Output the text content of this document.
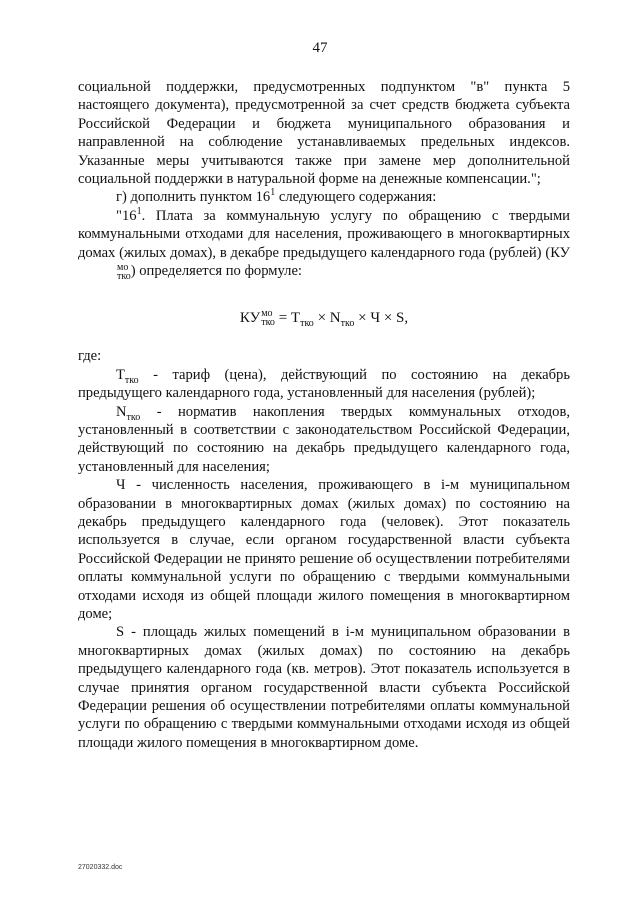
47

социальной поддержки, предусмотренных подпунктом "в" пункта 5 настоящего документа), предусмотренной за счет средств бюджета субъекта Российской Федерации и бюджета муниципального образования и направленной на соблюдение устанавливаемых предельных индексов. Указанные меры учитываются также при замене мер дополнительной социальной поддержки в натуральной форме на денежные компенсации.";

г) дополнить пунктом $16^1$ следующего содержания:

"$16^1$. Плата за коммунальную услугу по обращению с твердыми коммунальными отходами для населения, проживающего в многоквартирных домах (жилых домах), в декабре предыдущего календарного года (рублей) (КУ
мо
тко ) определяется по формуле:

КУ мо
тко = $Т_{тко} \times N_{тко} \times Ч \times S$,

где:

$Т_{тко}$ - тариф (цена), действующий по состоянию на декабрь предыдущего календарного года, установленный для населения (рублей);

$N_{тко}$ - норматив накопления твердых коммунальных отходов, установленный в соответствии с законодательством Российской Федерации, действующий по состоянию на декабрь предыдущего календарного года, установленный для населения;

Ч - численность населения, проживающего в i-м муниципальном образовании в многоквартирных домах (жилых домах) по состоянию на декабрь предыдущего календарного года (человек). Этот показатель используется в случае, если органом государственной власти субъекта Российской Федерации не принято решение об осуществлении потребителями оплаты коммунальной услуги по обращению с твердыми коммунальными отходами исходя из общей площади жилого помещения в многоквартирном доме;

S - площадь жилых помещений в i-м муниципальном образовании в многоквартирных домах (жилых домах) по состоянию на декабрь предыдущего календарного года (кв. метров). Этот показатель используется в случае принятия органом государственной власти субъекта Российской Федерации решения об осуществлении потребителями оплаты коммунальной услуги по обращению с твердыми коммунальными отходами исходя из общей площади жилого помещения в многоквартирном доме.

27020332.doc
